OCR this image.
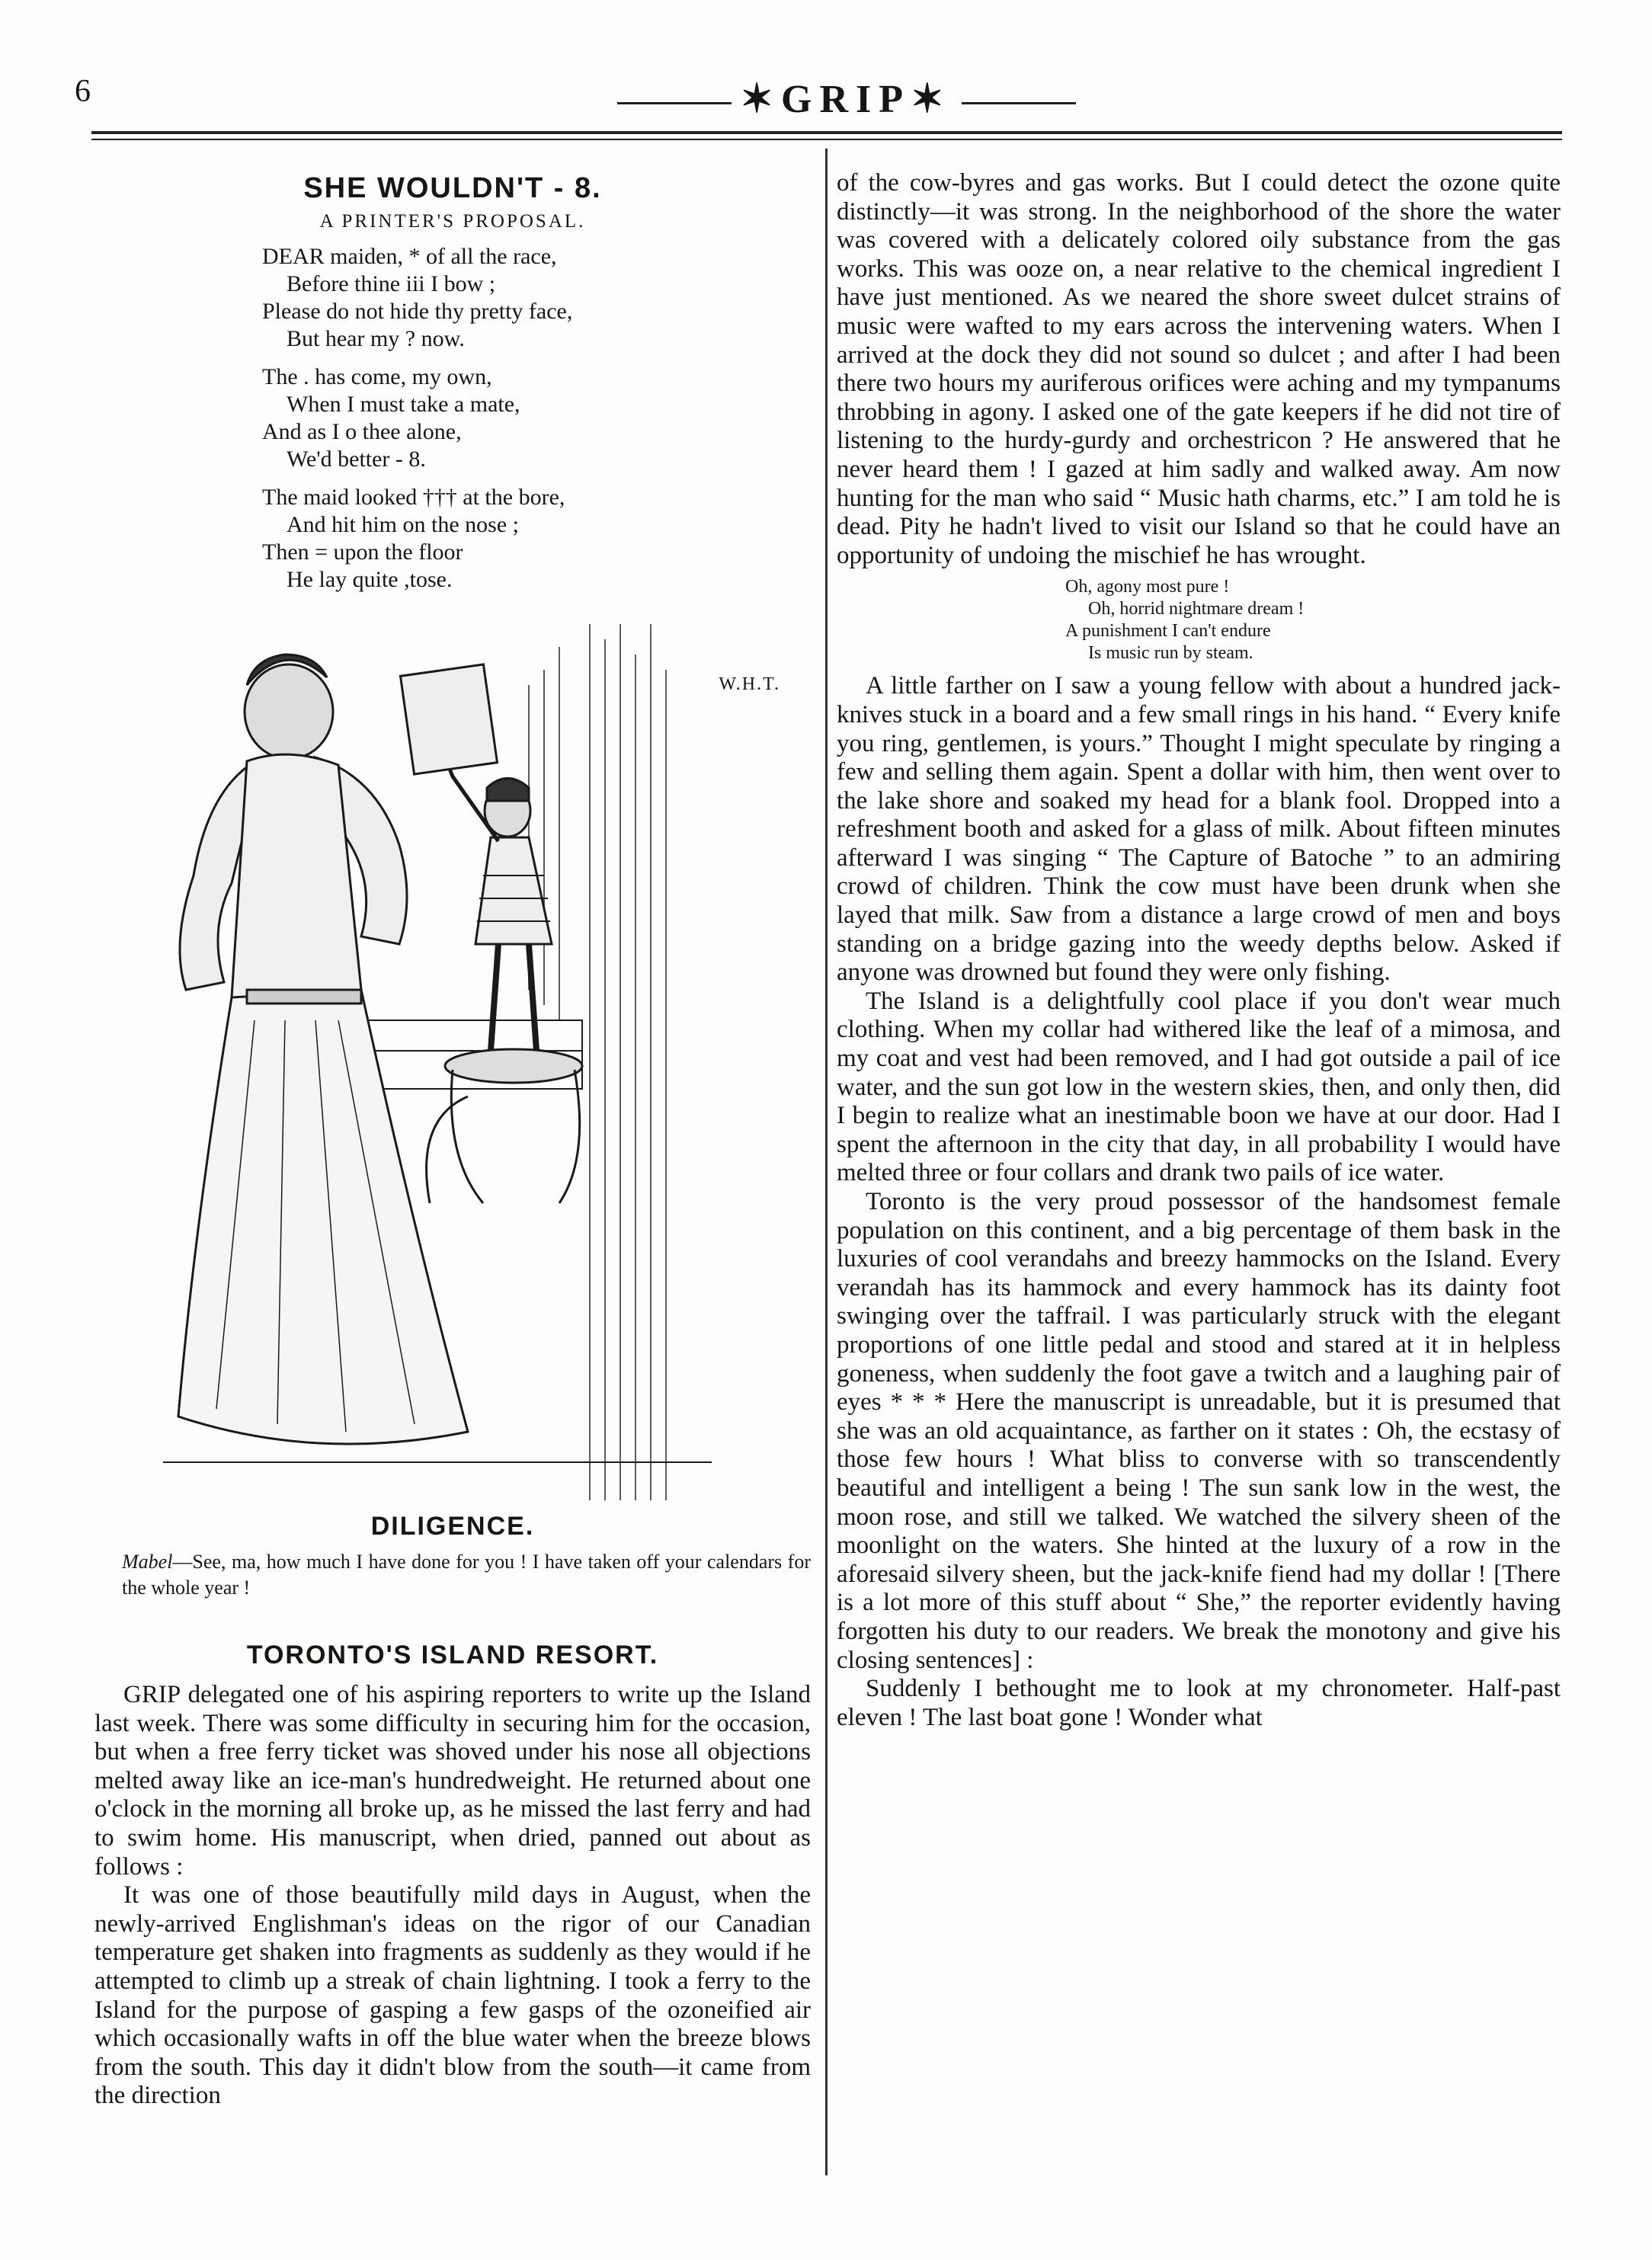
6	✶GRIP✶
SHE WOULDN'T - 8.
A PRINTER'S PROPOSAL.
DEAR maiden, * of all the race,
Before thine iii I bow ;
Please do not hide thy pretty face,
But hear my ? now.
The . has come, my own,
When I must take a mate,
And as I o thee alone,
We'd better - 8.
The maid looked ††† at the bore,
And hit him on the nose ;
Then = upon the floor
He lay quite ,tose.
W.H.T.
DILIGENCE.
Mabel—See, ma, how much I have done for you ! I have taken off your calendars for the whole year !
TORONTO'S ISLAND RESORT.

GRIP delegated one of his aspiring reporters to write up the Island last week. There was some difficulty in securing him for the occasion, but when a free ferry ticket was shoved under his nose all objections melted away like an ice-man's hundredweight. He returned about one o'clock in the morning all broke up, as he missed the last ferry and had to swim home. His manuscript, when dried, panned out about as follows :

It was one of those beautifully mild days in August, when the newly-arrived Englishman's ideas on the rigor of our Canadian temperature get shaken into fragments as suddenly as they would if he attempted to climb up a streak of chain lightning. I took a ferry to the Island for the purpose of gasping a few gasps of the ozoneified air which occasionally wafts in off the blue water when the breeze blows from the south. This day it didn't blow from the south—it came from the direction

of the cow-byres and gas works. But I could detect the ozone quite distinctly—it was strong. In the neighborhood of the shore the water was covered with a delicately colored oily substance from the gas works. This was ooze on, a near relative to the chemical ingredient I have just mentioned. As we neared the shore sweet dulcet strains of music were wafted to my ears across the intervening waters. When I arrived at the dock they did not sound so dulcet ; and after I had been there two hours my auriferous orifices were aching and my tympanums throbbing in agony. I asked one of the gate keepers if he did not tire of listening to the hurdy-gurdy and orchestricon ? He answered that he never heard them ! I gazed at him sadly and walked away. Am now hunting for the man who said “ Music hath charms, etc.” I am told he is dead. Pity he hadn't lived to visit our Island so that he could have an opportunity of undoing the mischief he has wrought.

Oh, agony most pure !
Oh, horrid nightmare dream !
A punishment I can't endure
Is music run by steam.

A little farther on I saw a young fellow with about a hundred jack-knives stuck in a board and a few small rings in his hand. “ Every knife you ring, gentlemen, is yours.” Thought I might speculate by ringing a few and selling them again. Spent a dollar with him, then went over to the lake shore and soaked my head for a blank fool. Dropped into a refreshment booth and asked for a glass of milk. About fifteen minutes afterward I was singing “ The Capture of Batoche ” to an admiring crowd of children. Think the cow must have been drunk when she layed that milk. Saw from a distance a large crowd of men and boys standing on a bridge gazing into the weedy depths below. Asked if anyone was drowned but found they were only fishing.

The Island is a delightfully cool place if you don't wear much clothing. When my collar had withered like the leaf of a mimosa, and my coat and vest had been removed, and I had got outside a pail of ice water, and the sun got low in the western skies, then, and only then, did I begin to realize what an inestimable boon we have at our door. Had I spent the afternoon in the city that day, in all probability I would have melted three or four collars and drank two pails of ice water.

Toronto is the very proud possessor of the handsomest female population on this continent, and a big percentage of them bask in the luxuries of cool verandahs and breezy hammocks on the Island. Every verandah has its hammock and every hammock has its dainty foot swinging over the taffrail. I was particularly struck with the elegant proportions of one little pedal and stood and stared at it in helpless goneness, when suddenly the foot gave a twitch and a laughing pair of eyes * * * Here the manuscript is unreadable, but it is presumed that she was an old acquaintance, as farther on it states : Oh, the ecstasy of those few hours ! What bliss to converse with so transcendently beautiful and intelligent a being ! The sun sank low in the west, the moon rose, and still we talked. We watched the silvery sheen of the moonlight on the waters. She hinted at the luxury of a row in the aforesaid silvery sheen, but the jack-knife fiend had my dollar ! [There is a lot more of this stuff about “ She,” the reporter evidently having forgotten his duty to our readers. We break the monotony and give his closing sentences] :

Suddenly I bethought me to look at my chronometer. Half-past eleven ! The last boat gone ! Wonder what
